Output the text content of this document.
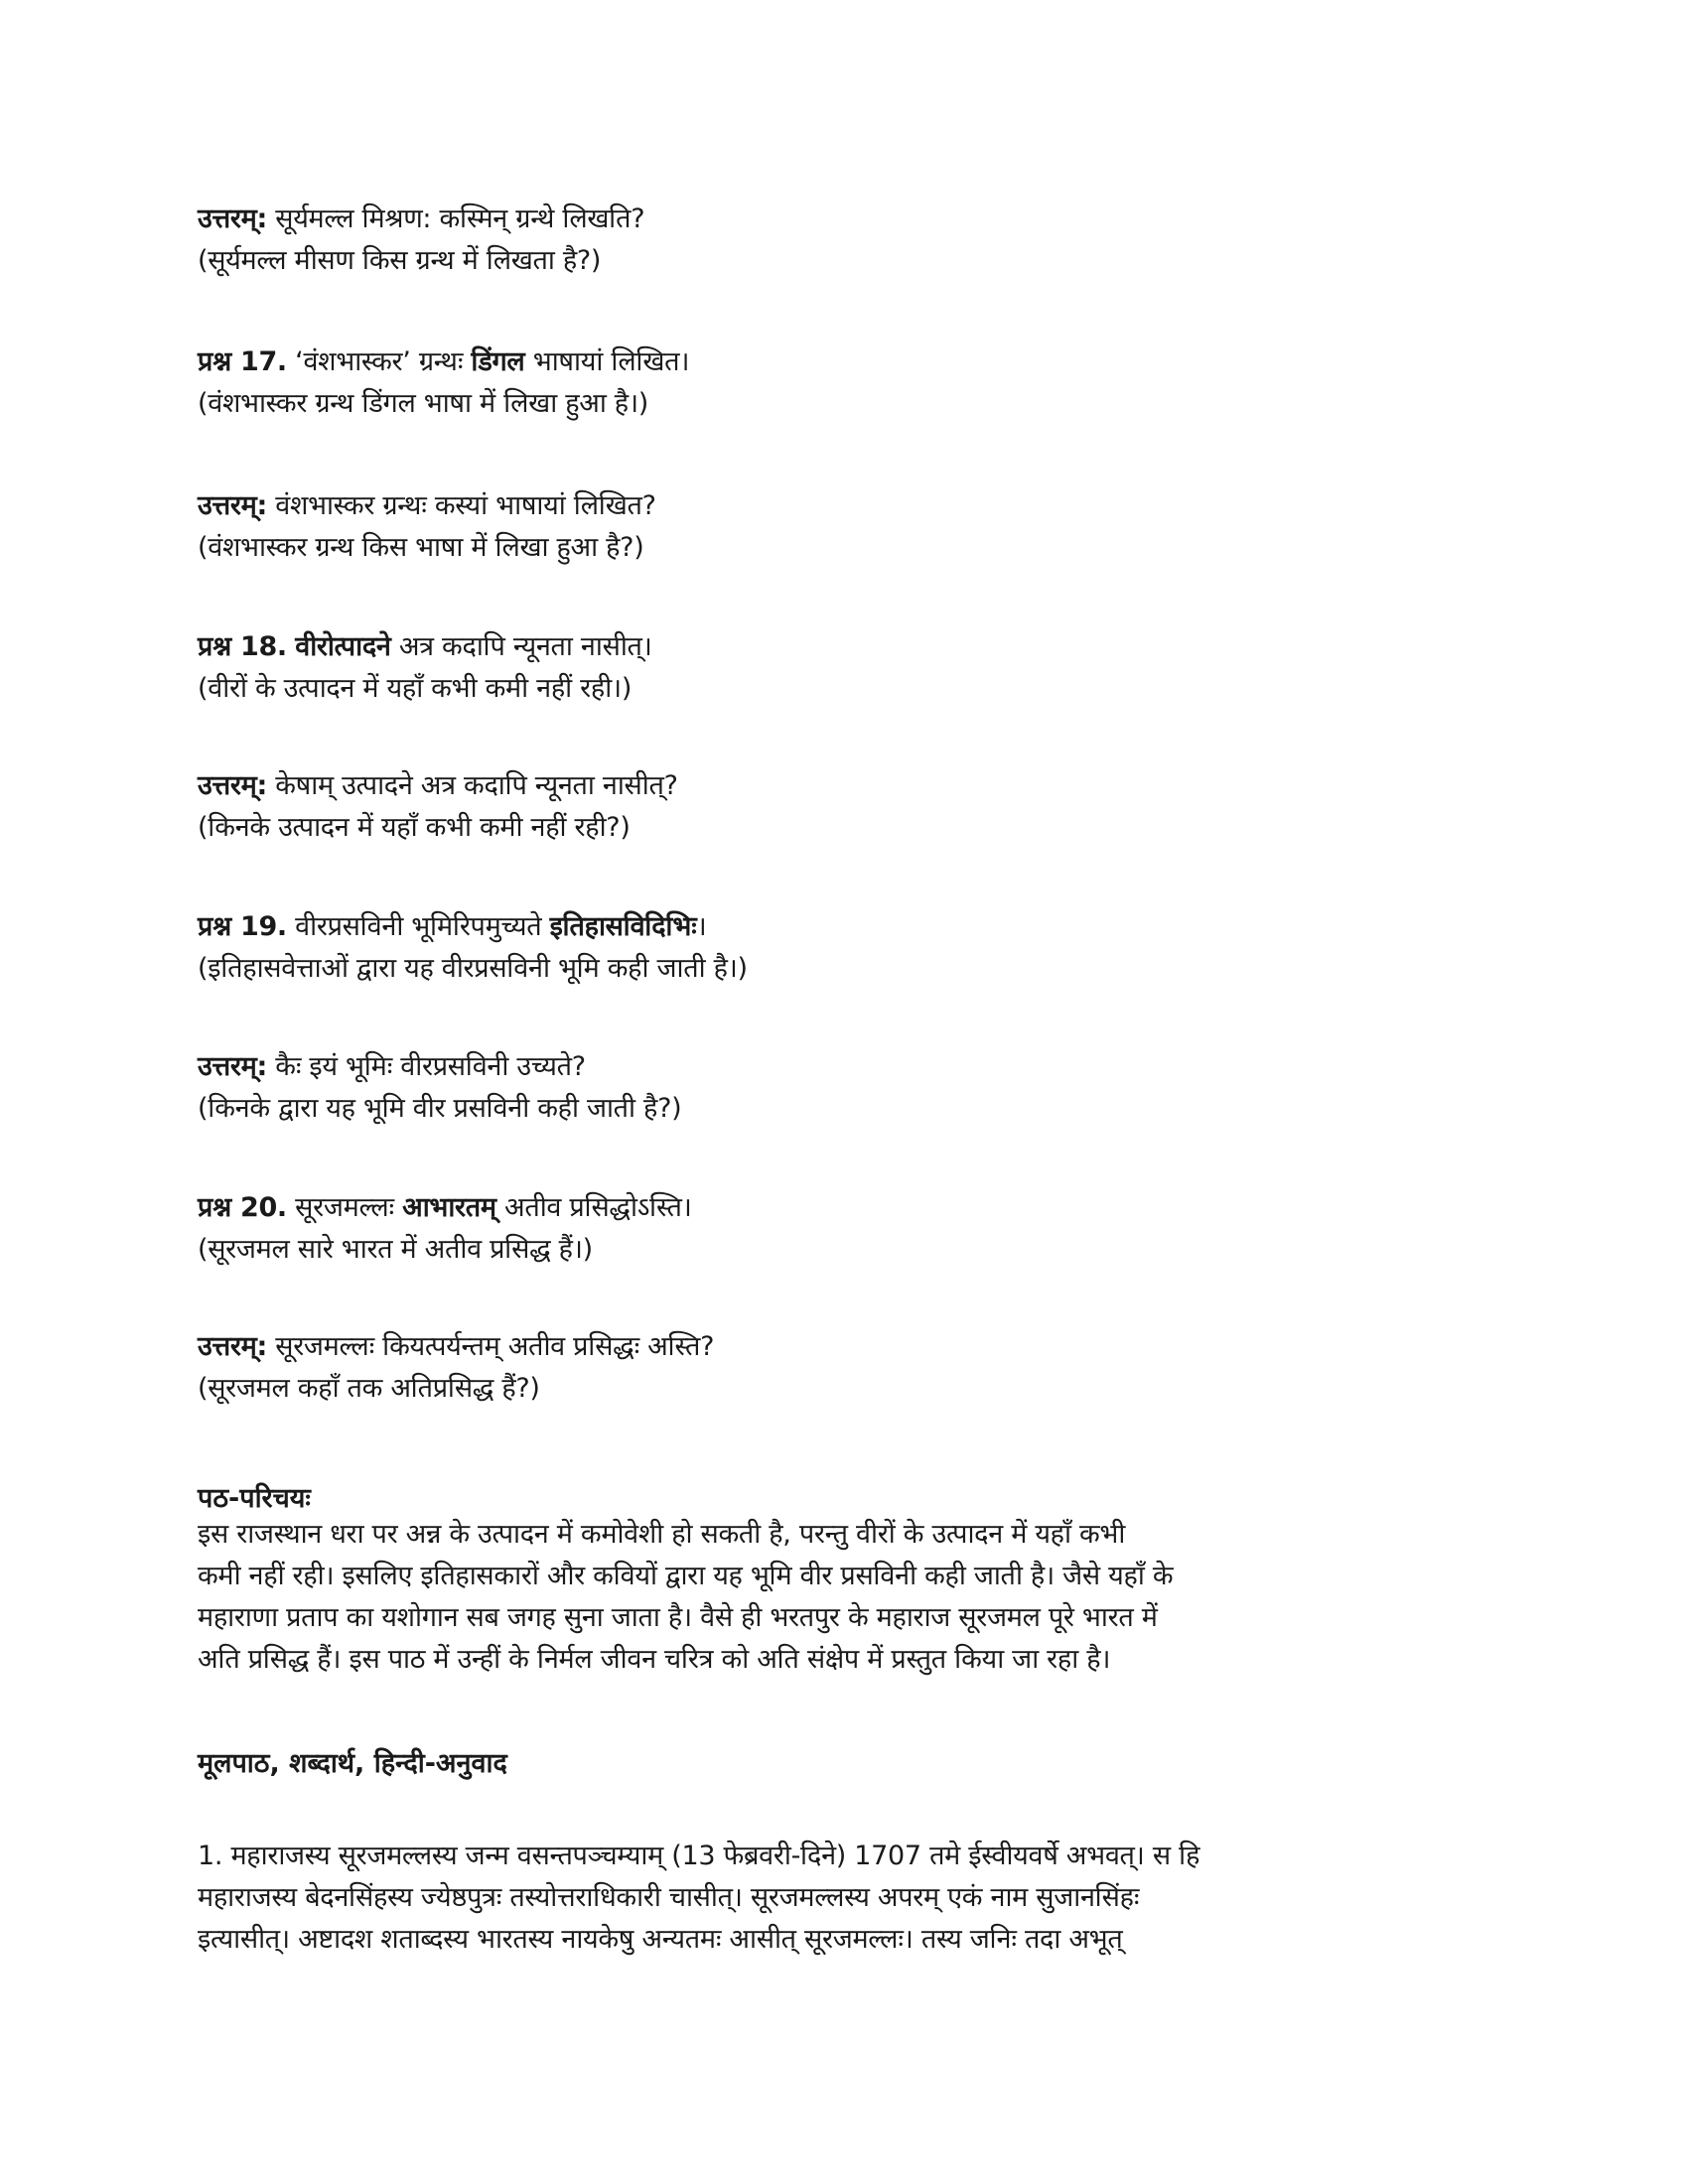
उत्तरम्: सूर्यमल्ल मिश्रण: कस्मिन् ग्रन्थे लिखति?
(सूर्यमल्ल मीसण किस ग्रन्थ में लिखता है?)
प्रश्न 17. ‘वंशभास्कर’ ग्रन्थः डिंगल भाषायां लिखित।
(वंशभास्कर ग्रन्थ डिंगल भाषा में लिखा हुआ है।)
उत्तरम्: वंशभास्कर ग्रन्थः कस्यां भाषायां लिखित?
(वंशभास्कर ग्रन्थ किस भाषा में लिखा हुआ है?)
प्रश्न 18. वीरोत्पादने अत्र कदापि न्यूनता नासीत्।
(वीरों के उत्पादन में यहाँ कभी कमी नहीं रही।)
उत्तरम्: केषाम् उत्पादने अत्र कदापि न्यूनता नासीत्?
(किनके उत्पादन में यहाँ कभी कमी नहीं रही?)
प्रश्न 19. वीरप्रसविनी भूमिरिपमुच्यते इतिहासविदिभिः।
(इतिहासवेत्ताओं द्वारा यह वीरप्रसविनी भूमि कही जाती है।)
उत्तरम्: कैः इयं भूमिः वीरप्रसविनी उच्यते?
(किनके द्वारा यह भूमि वीर प्रसविनी कही जाती है?)
प्रश्न 20. सूरजमल्लः आभारतम् अतीव प्रसिद्धोऽस्ति।
(सूरजमल सारे भारत में अतीव प्रसिद्ध हैं।)
उत्तरम्: सूरजमल्लः कियत्पर्यन्तम् अतीव प्रसिद्धः अस्ति?
(सूरजमल कहाँ तक अतिप्रसिद्ध हैं?)
पठ-परिचयः
इस राजस्थान धरा पर अन्न के उत्पादन में कमोवेशी हो सकती है, परन्तु वीरों के उत्पादन में यहाँ कभी
कमी नहीं रही। इसलिए इतिहासकारों और कवियों द्वारा यह भूमि वीर प्रसविनी कही जाती है। जैसे यहाँ के
महाराणा प्रताप का यशोगान सब जगह सुना जाता है। वैसे ही भरतपुर के महाराज सूरजमल पूरे भारत में
अति प्रसिद्ध हैं। इस पाठ में उन्हीं के निर्मल जीवन चरित्र को अति संक्षेप में प्रस्तुत किया जा रहा है।
मूलपाठ, शब्दार्थ, हिन्दी-अनुवाद
1. महाराजस्य सूरजमल्लस्य जन्म वसन्तपञ्चम्याम् (13 फेब्रवरी-दिने) 1707 तमे ईस्वीयवर्षे अभवत्। स हि
महाराजस्य बेदनसिंहस्य ज्येष्ठपुत्रः तस्योत्तराधिकारी चासीत्। सूरजमल्लस्य अपरम् एकं नाम सुजानसिंहः
इत्यासीत्। अष्टादश शताब्दस्य भारतस्य नायकेषु अन्यतमः आसीत् सूरजमल्लः। तस्य जनिः तदा अभूत्
